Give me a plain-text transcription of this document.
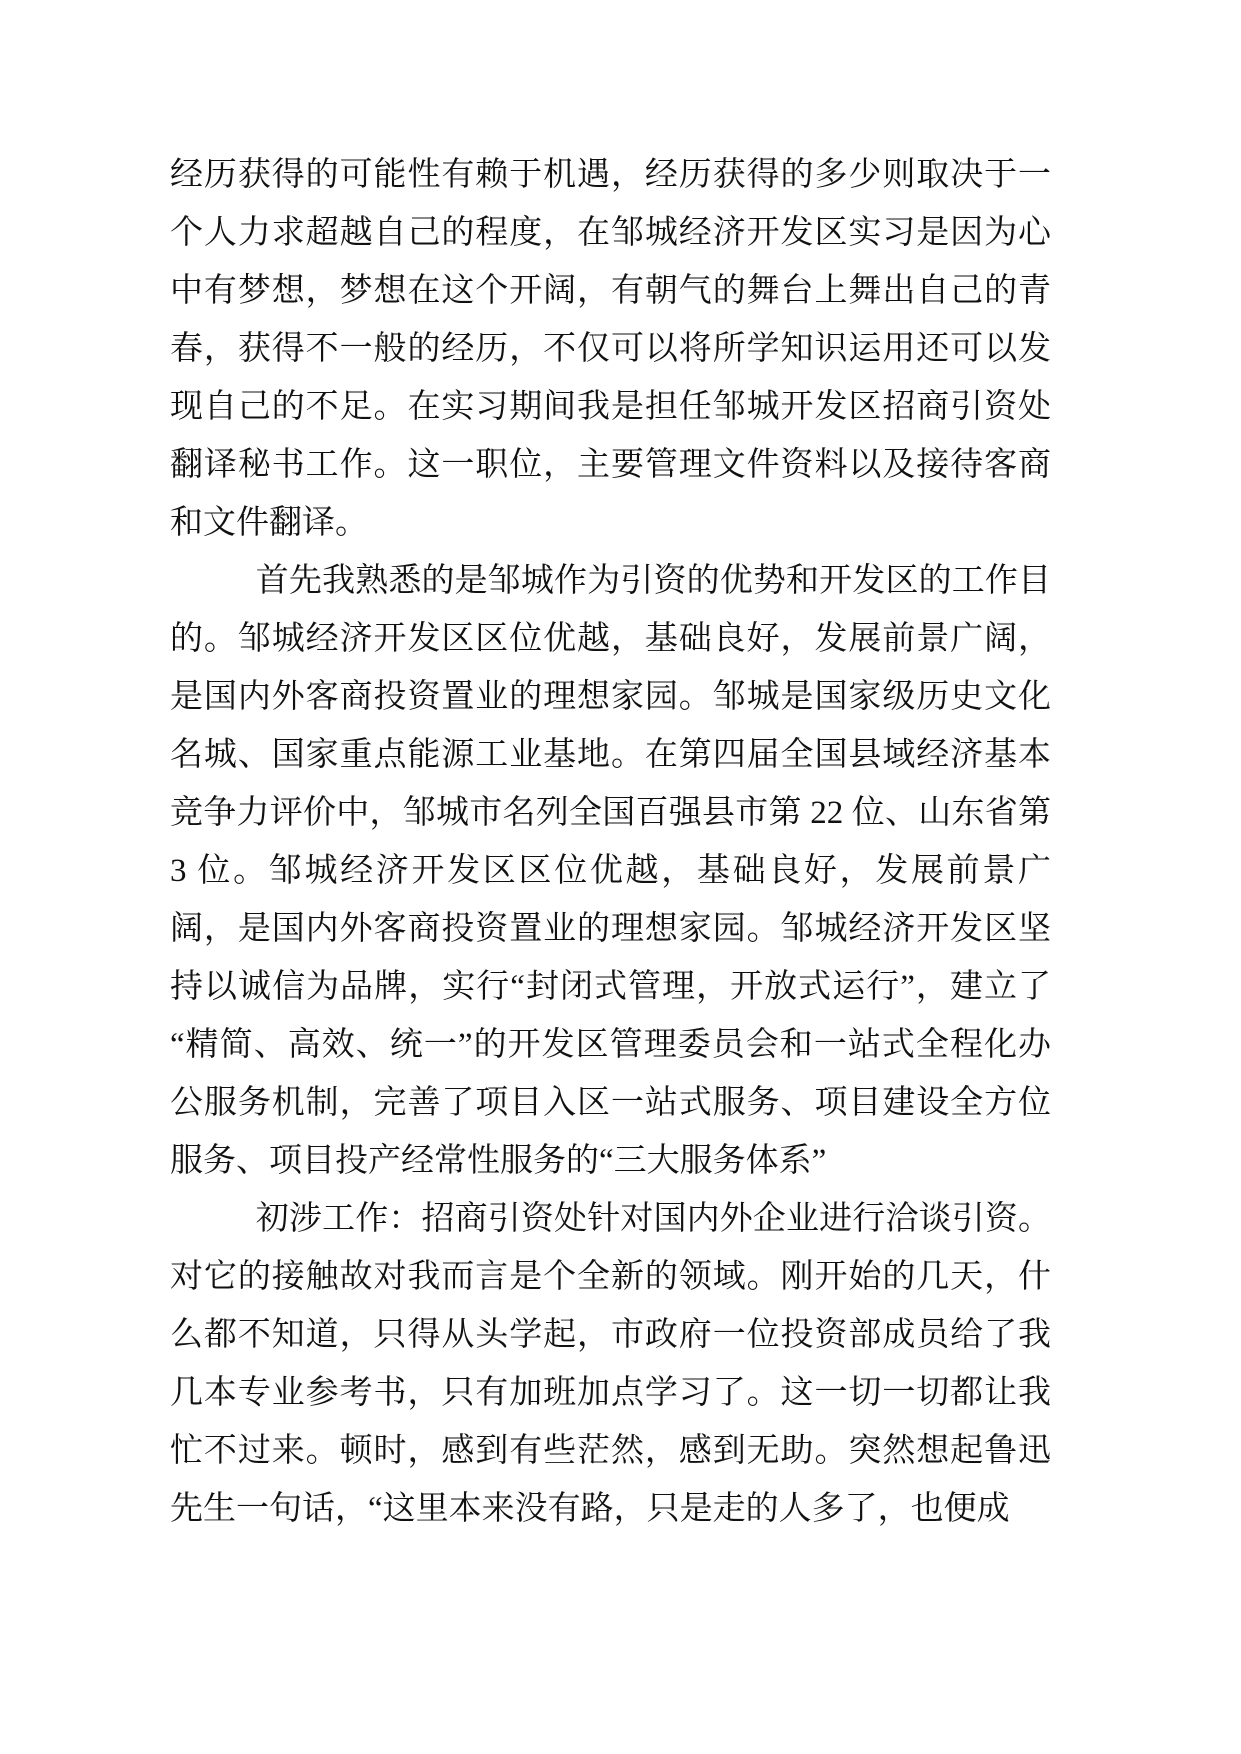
经历获得的可能性有赖于机遇，经历获得的多少则取决于一个人力求超越自己的程度，在邹城经济开发区实习是因为心中有梦想，梦想在这个开阔，有朝气的舞台上舞出自己的青春，获得不一般的经历，不仅可以将所学知识运用还可以发现自己的不足。在实习期间我是担任邹城开发区招商引资处翻译秘书工作。这一职位，主要管理文件资料以及接待客商和文件翻译。

首先我熟悉的是邹城作为引资的优势和开发区的工作目的。邹城经济开发区区位优越，基础良好，发展前景广阔，是国内外客商投资置业的理想家园。邹城是国家级历史文化名城、国家重点能源工业基地。在第四届全国县域经济基本竞争力评价中，邹城市名列全国百强县市第 22 位、山东省第 3 位。邹城经济开发区区位优越，基础良好，发展前景广阔，是国内外客商投资置业的理想家园。邹城经济开发区坚持以诚信为品牌，实行“封闭式管理，开放式运行”，建立了“精简、高效、统一”的开发区管理委员会和一站式全程化办公服务机制，完善了项目入区一站式服务、项目建设全方位服务、项目投产经常性服务的“三大服务体系”

初涉工作：招商引资处针对国内外企业进行洽谈引资。对它的接触故对我而言是个全新的领域。刚开始的几天，什么都不知道，只得从头学起，市政府一位投资部成员给了我几本专业参考书，只有加班加点学习了。这一切一切都让我忙不过来。顿时，感到有些茫然，感到无助。突然想起鲁迅先生一句话，“这里本来没有路，只是走的人多了，也便成
